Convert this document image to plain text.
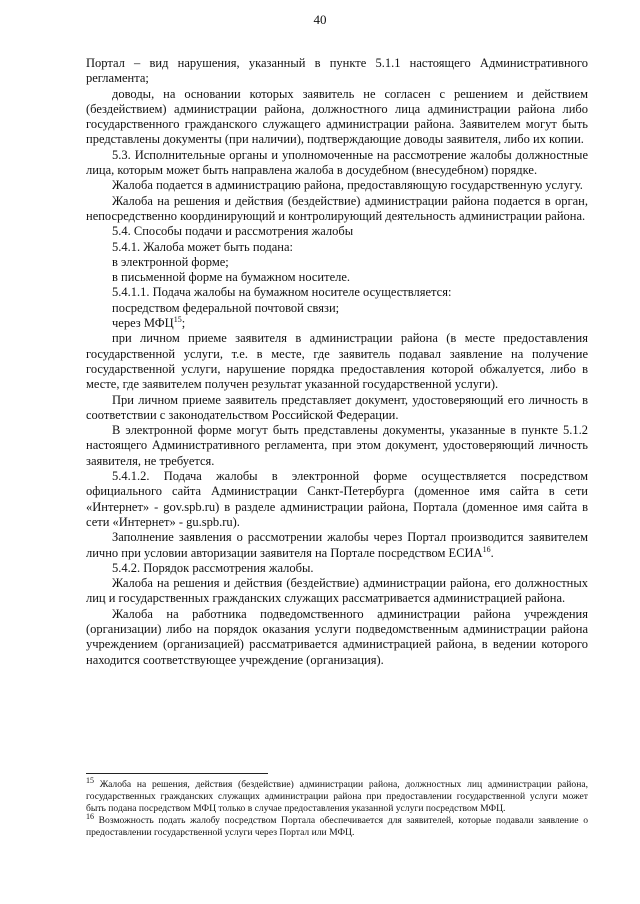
40

Портал – вид нарушения, указанный в пункте 5.1.1 настоящего Административного регламента;

доводы, на основании которых заявитель не согласен с решением и действием (бездействием) администрации района, должностного лица администрации района либо государственного гражданского служащего администрации района. Заявителем могут быть представлены документы (при наличии), подтверждающие доводы заявителя, либо их копии.

5.3. Исполнительные органы и уполномоченные на рассмотрение жалобы должностные лица, которым может быть направлена жалоба в досудебном (внесудебном) порядке.

Жалоба подается в администрацию района, предоставляющую государственную услугу.

Жалоба на решения и действия (бездействие) администрации района подается в орган, непосредственно координирующий и контролирующий деятельность администрации района.

5.4. Способы подачи и рассмотрения жалобы

5.4.1. Жалоба может быть подана:

в электронной форме;

в письменной форме на бумажном носителе.

5.4.1.1. Подача жалобы на бумажном носителе осуществляется:

посредством федеральной почтовой связи;

через МФЦ$^{15}$;

при личном приеме заявителя в администрации района (в месте предоставления государственной услуги, т.е. в месте, где заявитель подавал заявление на получение государственной услуги, нарушение порядка предоставления которой обжалуется, либо в месте, где заявителем получен результат указанной государственной услуги).

При личном приеме заявитель представляет документ, удостоверяющий его личность в соответствии с законодательством Российской Федерации.

В электронной форме могут быть представлены документы, указанные в пункте 5.1.2 настоящего Административного регламента, при этом документ, удостоверяющий личность заявителя, не требуется.

5.4.1.2. Подача жалобы в электронной форме осуществляется посредством официального сайта Администрации Санкт-Петербурга (доменное имя сайта в сети «Интернет» - gov.spb.ru) в разделе администрации района, Портала (доменное имя сайта в сети «Интернет» - gu.spb.ru).

Заполнение заявления о рассмотрении жалобы через Портал производится заявителем лично при условии авторизации заявителя на Портале посредством ЕСИА$^{16}$.

5.4.2. Порядок рассмотрения жалобы.

Жалоба на решения и действия (бездействие) администрации района, его должностных лиц и государственных гражданских служащих рассматривается администрацией района.

Жалоба на работника подведомственного администрации района учреждения (организации) либо на порядок оказания услуги подведомственным администрации района учреждением (организацией) рассматривается администрацией района, в ведении которого находится соответствующее учреждение (организация).

$^{15}$ Жалоба на решения, действия (бездействие) администрации района, должностных лиц администрации района, государственных гражданских служащих администрации района при предоставлении государственной услуги может быть подана посредством МФЦ только в случае предоставления указанной услуги посредством МФЦ.

$^{16}$ Возможность подать жалобу посредством Портала обеспечивается для заявителей, которые подавали заявление о предоставлении государственной услуги через Портал или МФЦ.
